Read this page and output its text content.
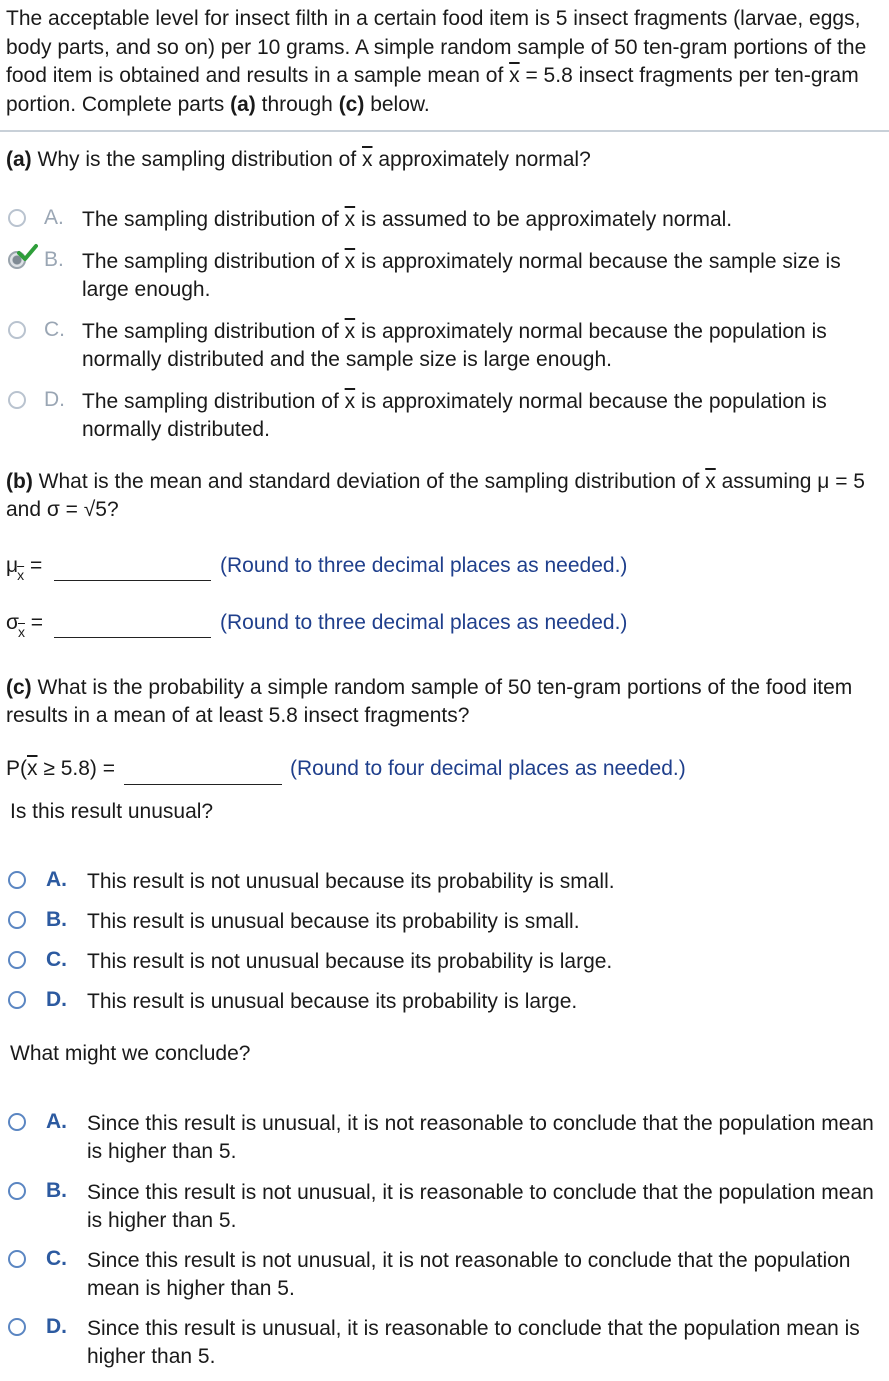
The acceptable level for insect filth in a certain food item is 5 insect fragments (larvae, eggs, body parts, and so on) per 10 grams. A simple random sample of 50 ten-gram portions of the food item is obtained and results in a sample mean of $\overline{x} = 5.8$ insect fragments per ten-gram portion. Complete parts (a) through (c) below.
(a) Why is the sampling distribution of $\overline{x}$ approximately normal?
A. The sampling distribution of $\overline{x}$ is assumed to be approximately normal.
B. The sampling distribution of $\overline{x}$ is approximately normal because the sample size is large enough.
C. The sampling distribution of $\overline{x}$ is approximately normal because the population is normally distributed and the sample size is large enough.
D. The sampling distribution of $\overline{x}$ is approximately normal because the population is normally distributed.
(b) What is the mean and standard deviation of the sampling distribution of $\overline{x}$ assuming μ = 5 and σ = √5?
$\mu_{\overline{x}}$ =	(Round to three decimal places as needed.)
$\sigma_{\overline{x}}$ =	(Round to three decimal places as needed.)
(c) What is the probability a simple random sample of 50 ten-gram portions of the food item results in a mean of at least 5.8 insect fragments?
$P(\overline{x} \ge 5.8)$ =	(Round to four decimal places as needed.)
Is this result unusual?
A. This result is not unusual because its probability is small.
B. This result is unusual because its probability is small.
C. This result is not unusual because its probability is large.
D. This result is unusual because its probability is large.
What might we conclude?
A. Since this result is unusual, it is not reasonable to conclude that the population mean is higher than 5.
B. Since this result is not unusual, it is reasonable to conclude that the population mean is higher than 5.
C. Since this result is not unusual, it is not reasonable to conclude that the population mean is higher than 5.
D. Since this result is unusual, it is reasonable to conclude that the population mean is higher than 5.
